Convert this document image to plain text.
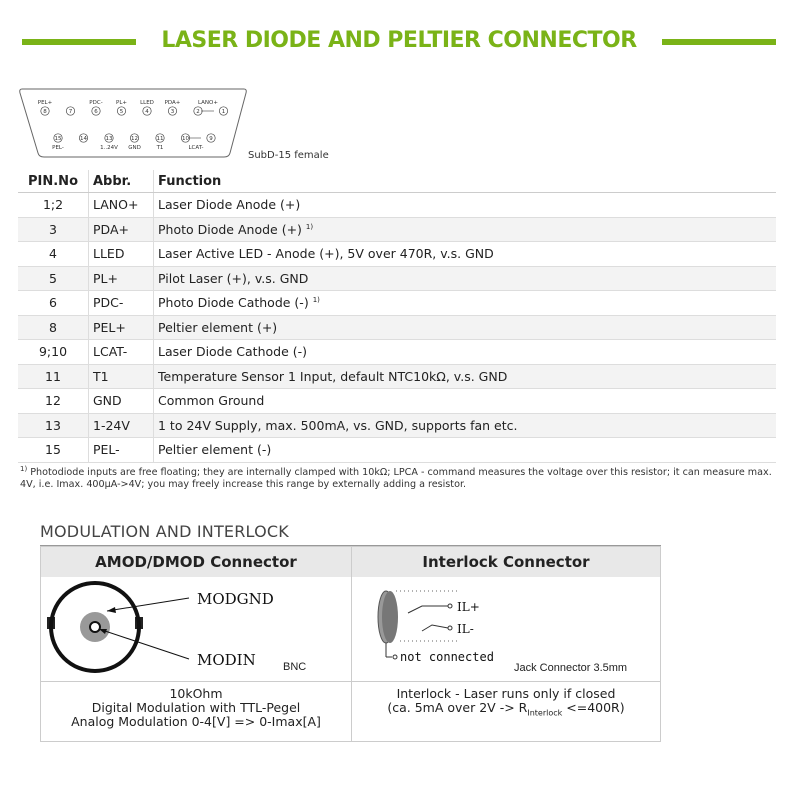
LASER DIODE AND PELTIER CONNECTOR
8
PEL+
7	6
PDC-
5
PL+
4
LLED
3
PDA+
2	1
LANO+
15
PEL-
14	13
1..24V
12
GND
11
T1
10	9
LCAT-
SubD-15 female
PIN.No	Abbr.	Function
1;2	LANO+	Laser Diode Anode (+)
3	PDA+	Photo Diode Anode (+) $^{1)}$
4	LLED	Laser Active LED - Anode (+), 5V over 470R, v.s. GND
5	PL+	Pilot Laser (+), v.s. GND
6	PDC-	Photo Diode Cathode (-) $^{1)}$
8	PEL+	Peltier element (+)
9;10	LCAT-	Laser Diode Cathode (-)
11	T1	Temperature Sensor 1 Input, default NTC10kΩ, v.s. GND
12	GND	Common Ground
13	1-24V	1 to 24V Supply, max. 500mA, vs. GND, supports fan etc.
15	PEL-	Peltier element (-)
$^{1)}$ Photodiode inputs are free floating; they are internally clamped with 10kΩ; LPCA - command measures the voltage over this resistor; it can measure max. 4V, i.e. Imax. 400µA->4V; you may freely increase this range by externally adding a resistor.
MODULATION AND INTERLOCK
AMOD/DMOD Connector	Interlock Connector
MODGND
MODIN BNC
IL+
IL-
not connected
Jack Connector 3.5mm
10kOhm
Digital Modulation with TTL-Pegel
Analog Modulation 0-4[V] => 0-Imax[A]
Interlock - Laser runs only if closed
(ca. 5mA over $2V -> R_{Interlock} <=400R$)
